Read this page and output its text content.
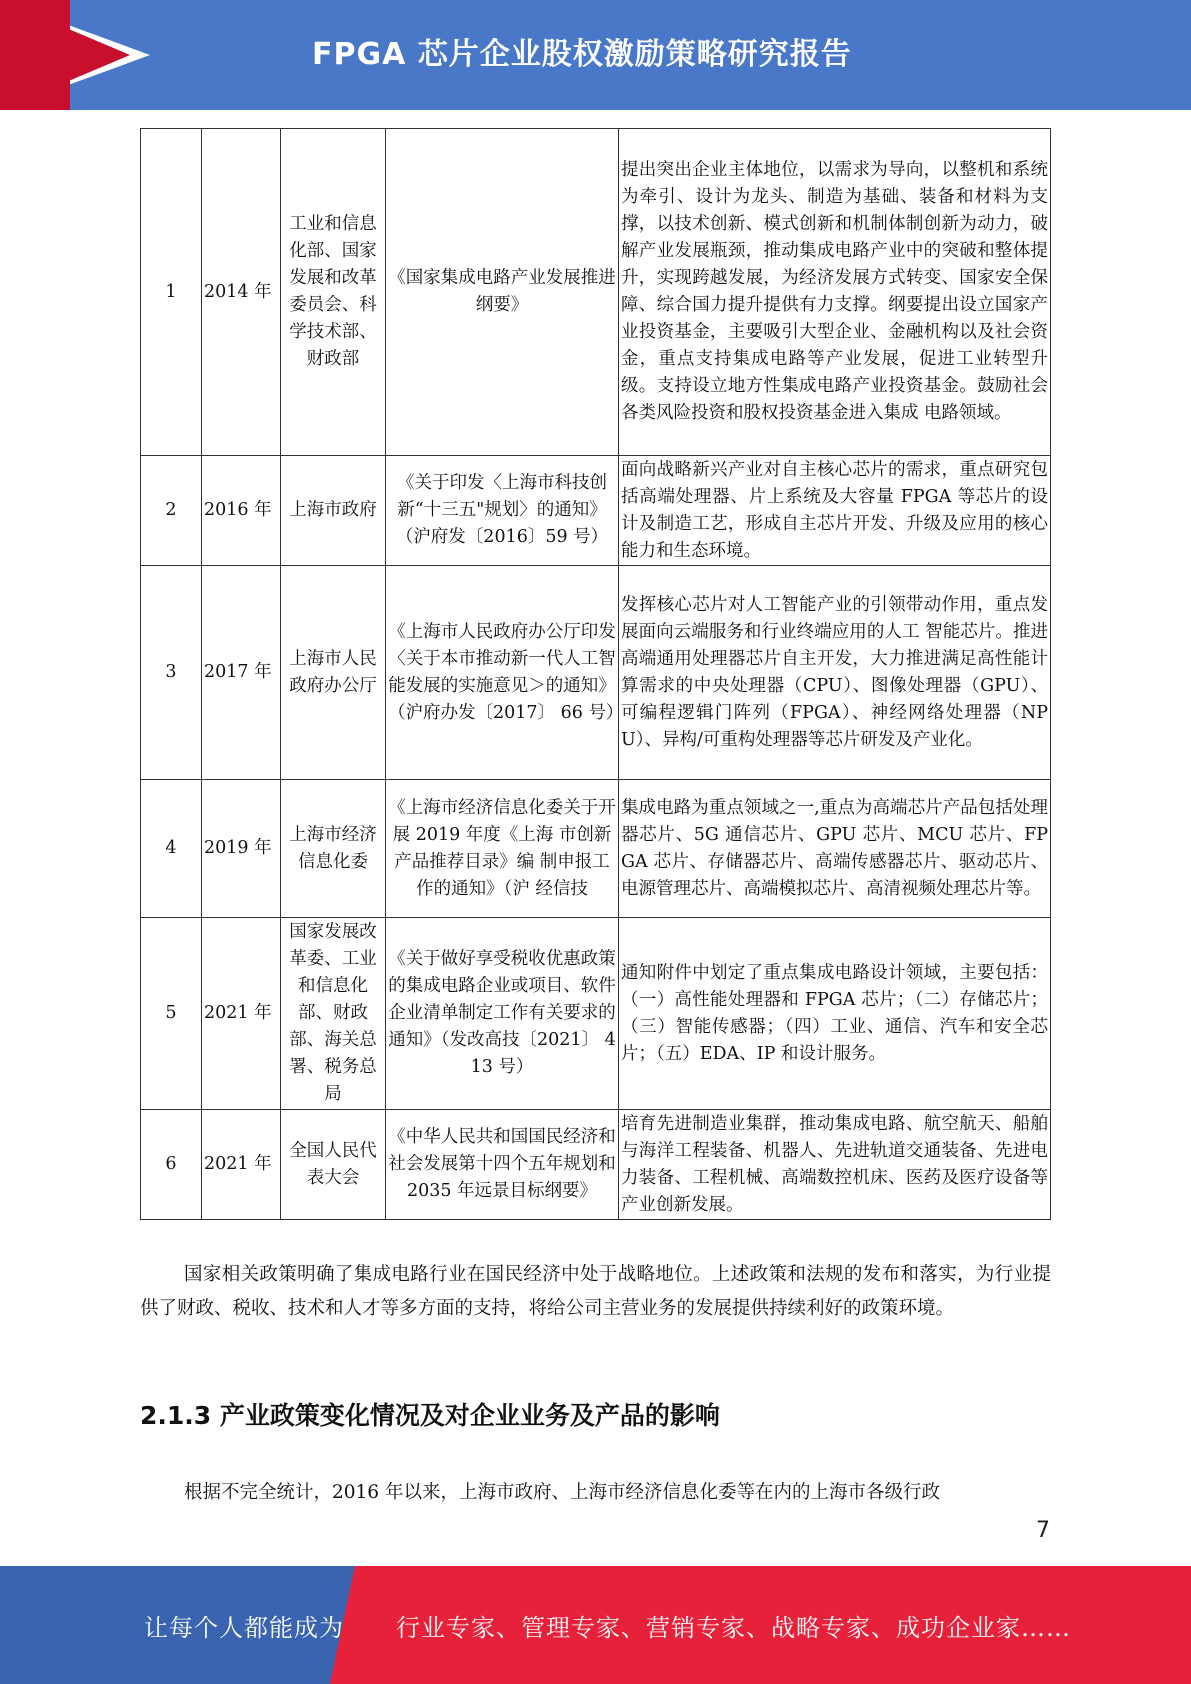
FPGA 芯片企业股权激励策略研究报告
1	2014 年	工业和信息化部、国家发展和改革委员会、科学技术部、财政部	《国家集成电路产业发展推进纲要》	提出突出企业主体地位，以需求为导向，以整机和系统为牵引、设计为龙头、制造为基础、装备和材料为支撑，以技术创新、模式创新和机制体制创新为动力，破解产业发展瓶颈，推动集成电路产业中的突破和整体提升，实现跨越发展，为经济发展方式转变、国家安全保障、综合国力提升提供有力支撑。纲要提出设立国家产业投资基金，主要吸引大型企业、金融机构以及社会资金，重点支持集成电路等产业发展，促进工业转型升级。支持设立地方性集成电路产业投资基金。鼓励社会各类风险投资和股权投资基金进入集成 电路领域。
2	2016 年	上海市政府	《关于印发〈上海市科技创新“十三五"规划〉的通知》（沪府发〔2016〕59 号）	面向战略新兴产业对自主核心芯片的需求，重点研究包括高端处理器、片上系统及大容量 FPGA 等芯片的设计及制造工艺，形成自主芯片开发、升级及应用的核心能力和生态环境。
3	2017 年	上海市人民政府办公厅	《上海市人民政府办公厅印发〈关于本市推动新一代人工智能发展的实施意见＞的通知》（沪府办发〔2017〕 66 号）	发挥核心芯片对人工智能产业的引领带动作用，重点发展面向云端服务和行业终端应用的人工 智能芯片。推进高端通用处理器芯片自主开发，大力推进满足高性能计算需求的中央处理器（CPU）、图像处理器（GPU）、可编程逻辑门阵列（FPGA）、神经网络处理器（NPU）、异构/可重构处理器等芯片研发及产业化。
4	2019 年	上海市经济信息化委	《上海市经济信息化委关于开展 2019 年度《上海 市创新产品推荐目录》编 制申报工作的通知》（沪 经信技	集成电路为重点领域之一,重点为高端芯片产品包括处理器芯片、5G 通信芯片、GPU 芯片、MCU 芯片、FPGA 芯片、存储器芯片、高端传感器芯片、驱动芯片、电源管理芯片、高端模拟芯片、高清视频处理芯片等。
5	2021 年	国家发展改革委、工业和信息化部、财政部、海关总署、税务总局	《关于做好享受税收优惠政策的集成电路企业或项目、软件企业清单制定工作有关要求的通知》（发改高技〔2021〕 413 号）	通知附件中划定了重点集成电路设计领域，主要包括：（一）高性能处理器和 FPGA 芯片；（二）存储芯片；（三）智能传感器；（四）工业、通信、汽车和安全芯片；（五）EDA、IP 和设计服务。
6	2021 年	全国人民代表大会	《中华人民共和国国民经济和社会发展第十四个五年规划和 2035 年远景目标纲要》	培育先进制造业集群，推动集成电路、航空航天、船舶与海洋工程装备、机器人、先进轨道交通装备、先进电力装备、工程机械、高端数控机床、医药及医疗设备等产业创新发展。

国家相关政策明确了集成电路行业在国民经济中处于战略地位。上述政策和法规的发布和落实，为行业提供了财政、税收、技术和人才等多方面的支持，将给公司主营业务的发展提供持续利好的政策环境。

2.1.3 产业政策变化情况及对企业业务及产品的影响

根据不完全统计，2016 年以来，上海市政府、上海市经济信息化委等在内的上海市各级行政

7
让每个人都能成为 行业专家、管理专家、营销专家、战略专家、成功企业家……
